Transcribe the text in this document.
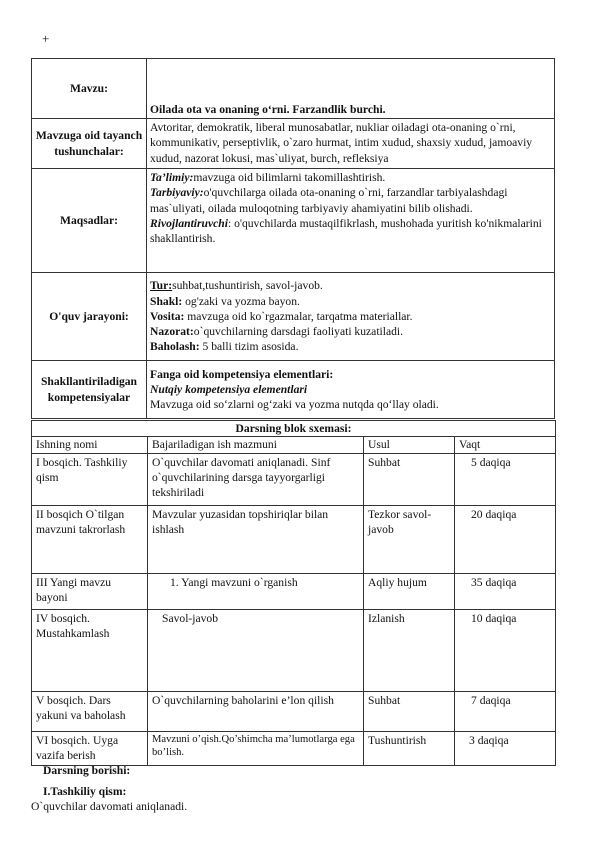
+
Mavzu:	Oilada ota va onaning o‘rni. Farzandlik burchi.
Mavzuga oid tayanch tushunchalar:	Avtoritar, demokratik, liberal munosabatlar, nukliar oiladagi ota-onaning o`rni, kommunikativ, perseptivlik, o`zaro hurmat, intim xudud, shaxsiy xudud, jamoaviy xudud, nazorat lokusi, mas`uliyat, burch, refleksiya
Maqsadlar:	Ta’limiy:mavzuga oid bilimlarni takomillashtirish.
Tarbiyaviy:o'quvchilarga oilada ota-onaning o`rni, farzandlar tarbiyalashdagi mas`uliyati, oilada muloqotning tarbiyaviy ahamiyatini bilib olishadi.
Rivojlantiruvchi: o'quvchilarda mustaqilfikrlash, mushohada yuritish ko'nikmalarini shakllantirish.
O'quv jarayoni:	Tur:suhbat,tushuntirish, savol-javob.
Shakl: og'zaki va yozma bayon.
Vosita: mavzuga oid ko`rgazmalar, tarqatma materiallar.
Nazorat:o`quvchilarning darsdagi faoliyati kuzatiladi.
Baholash: 5 balli tizim asosida.
Shakllantiriladigan kompetensiyalar	Fanga oid kompetensiya elementlari:
Nutqiy kompetensiya elementlari
Mavzuga oid so‘zlarni og‘zaki va yozma nutqda qo‘llay oladi.
Darsning blok sxemasi:			
Ishning nomi	Bajariladigan ish mazmuni	Usul	Vaqt
I bosqich. Tashkiliy qism	O`quvchilar davomati aniqlanadi. Sinf o`quvchilarining darsga tayyorgarligi tekshiriladi	Suhbat	5 daqiqa
II bosqich O`tilgan mavzuni takrorlash	Mavzular yuzasidan topshiriqlar bilan ishlash	Tezkor savol-javob	20 daqiqa
III Yangi mavzu bayoni	1. Yangi mavzuni o`rganish	Aqliy hujum	35 daqiqa
IV bosqich. Mustahkamlash	Savol-javob	Izlanish	10 daqiqa
V bosqich. Dars yakuni va baholash	O`quvchilarning baholarini e’lon qilish	Suhbat	7 daqiqa
VI bosqich. Uyga vazifa berish	Mavzuni o’qish.Qo’shimcha ma’lumotlarga ega bo’lish.	Tushuntirish	3 daqiqa
Darsning borishi:
I.Tashkiliy qism:
O`quvchilar davomati aniqlanadi.
